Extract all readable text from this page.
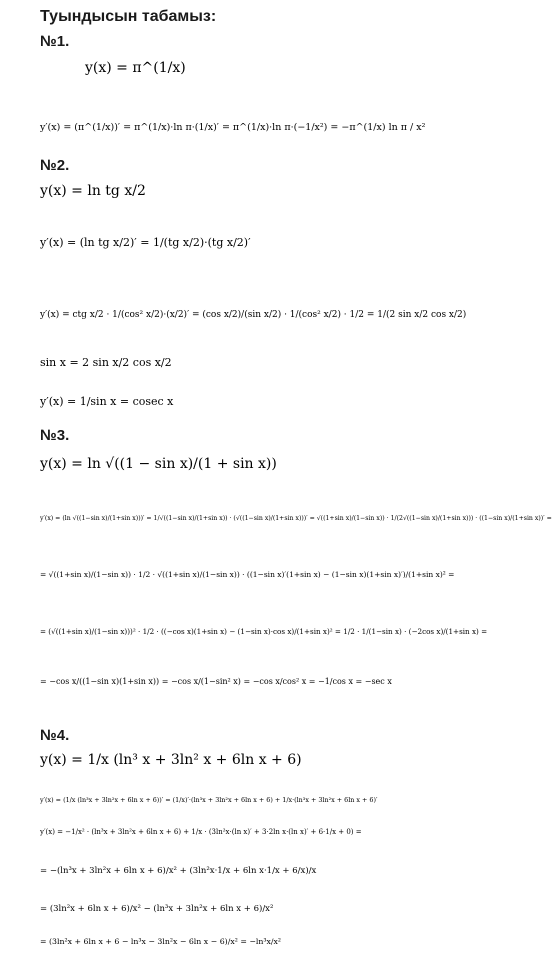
Туындысын табамыз:
№1.
y(x) = π^(1/x)
y′(x) = (π^(1/x))′ = π^(1/x)·ln π·(1/x)′ = π^(1/x)·ln π·(−1/x²) = −π^(1/x) ln π / x²
№2.
y(x) = ln tg x/2
y′(x) = (ln tg x/2)′ = 1/(tg x/2)·(tg x/2)′
y′(x) = ctg x/2 · 1/(cos² x/2)·(x/2)′ = (cos x/2)/(sin x/2) · 1/(cos² x/2) · 1/2 = 1/(2 sin x/2 cos x/2)
sin x = 2 sin x/2 cos x/2
y′(x) = 1/sin x = cosec x
№3.
y(x) = ln √((1 − sin x)/(1 + sin x))
y′(x) = (ln √((1−sin x)/(1+sin x)))′ = 1/√((1−sin x)/(1+sin x)) · (√((1−sin x)/(1+sin x)))′ = √((1+sin x)/(1−sin x)) · 1/(2√((1−sin x)/(1+sin x))) · ((1−sin x)/(1+sin x))′ =
= √((1+sin x)/(1−sin x)) · 1/2 · √((1+sin x)/(1−sin x)) · ((1−sin x)′(1+sin x) − (1−sin x)(1+sin x)′)/(1+sin x)² =
= (√((1+sin x)/(1−sin x)))² · 1/2 · ((−cos x)(1+sin x) − (1−sin x)·cos x)/(1+sin x)² = 1/2 · 1/(1−sin x) · (−2cos x)/(1+sin x) =
= −cos x/((1−sin x)(1+sin x)) = −cos x/(1−sin² x) = −cos x/cos² x = −1/cos x = −sec x
№4.
y(x) = 1/x (ln³ x + 3ln² x + 6ln x + 6)
y′(x) = (1/x (ln³x + 3ln²x + 6ln x + 6))′ = (1/x)′·(ln³x + 3ln²x + 6ln x + 6) + 1/x·(ln³x + 3ln²x + 6ln x + 6)′
y′(x) = −1/x² · (ln³x + 3ln²x + 6ln x + 6) + 1/x · (3ln²x·(ln x)′ + 3·2ln x·(ln x)′ + 6·1/x + 0) =
= −(ln³x + 3ln²x + 6ln x + 6)/x² + (3ln²x·1/x + 6ln x·1/x + 6/x)/x
= (3ln²x + 6ln x + 6)/x² − (ln³x + 3ln²x + 6ln x + 6)/x²
= (3ln²x + 6ln x + 6 − ln³x − 3ln²x − 6ln x − 6)/x² = −ln³x/x²
